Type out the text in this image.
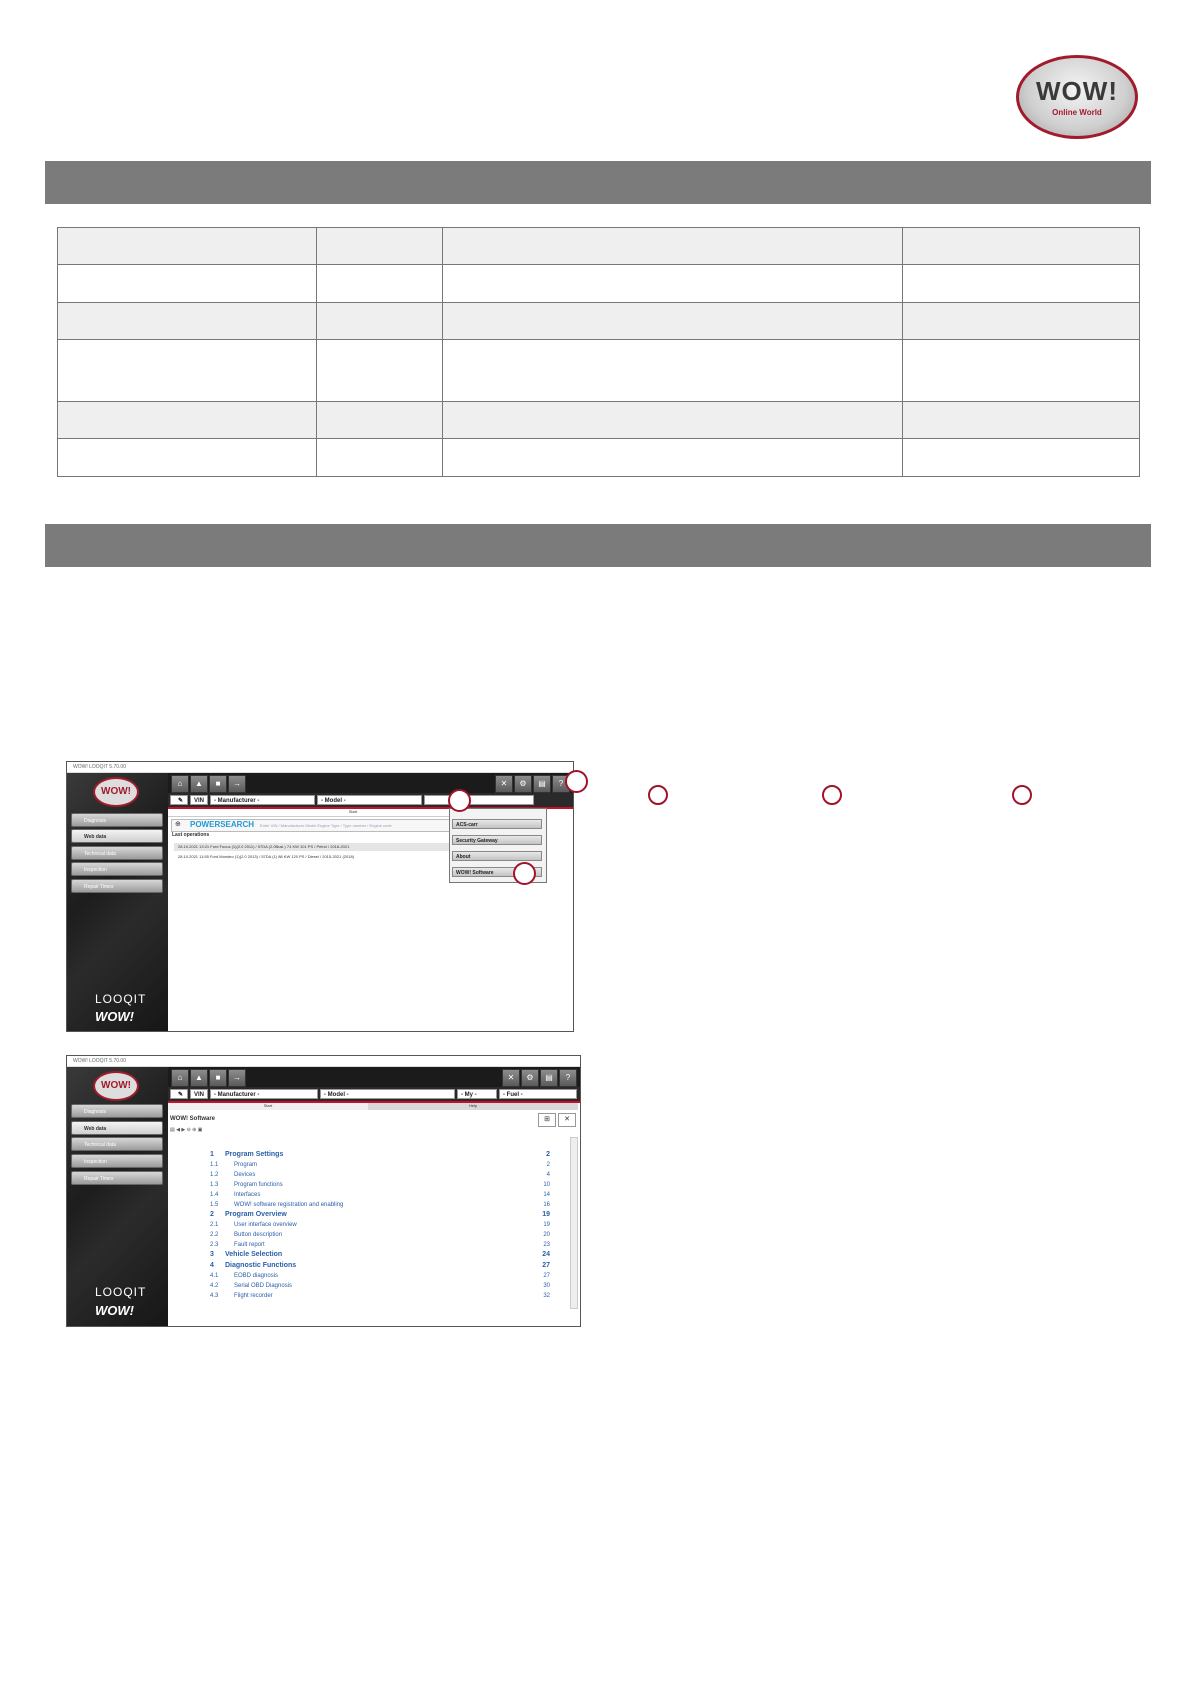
WOW!
Online World

WOW! LOOQIT 5.70.00
WOW!
Diagnosis
Web data
Technical data
Inspection
Repair Times
LOOQIT
WOW!
⌂	▲	■	→	✕	⚙	▤	?
✎	VIN	- Manufacturer -	- Model -
Start
⊕ POWERSEARCH Enter VIN / Manufacturer Model Engine Type / Type number / Engine code
Last operations
28.10.2021 13:21 Ford Focus (1)(2.0 2011) / 57DA (2.0Busi.) 74 KW 101 PS / Petrol / 2018-2021
28.10.2021 11:55 Ford Mondeo (1)(2.0 2013) / 57DA (1) 88 KW 120 PS / Diesel / 2015-2021 (2018)
ACS-carr
Security Gateway
About
WOW! Software
WOW! LOOQIT 5.70.00
WOW!
Diagnosis
Web data
Technical data
Inspection
Repair Times
LOOQIT
WOW!
⌂	▲	■	→	✕	⚙	▤	?
✎	VIN	- Manufacturer -	- Model -	- My -	- Fuel -
Start	Help
WOW! Software	⊞	✕
▤ ◀ ▶ ⊖ ⊕ ▣
1 Program Settings	2
1.1	Program	2
1.2	Devices	4
1.3	Program functions	10
1.4	Interfaces	14
1.5	WOW! software registration and enabling	16
2 Program Overview	19
2.1	User interface overview	19
2.2	Button description	20
2.3	Fault report	23
3 Vehicle Selection	24
4 Diagnostic Functions	27
4.1	EOBD diagnosis	27
4.2	Serial OBD Diagnosis	30
4.3	Flight recorder	32
